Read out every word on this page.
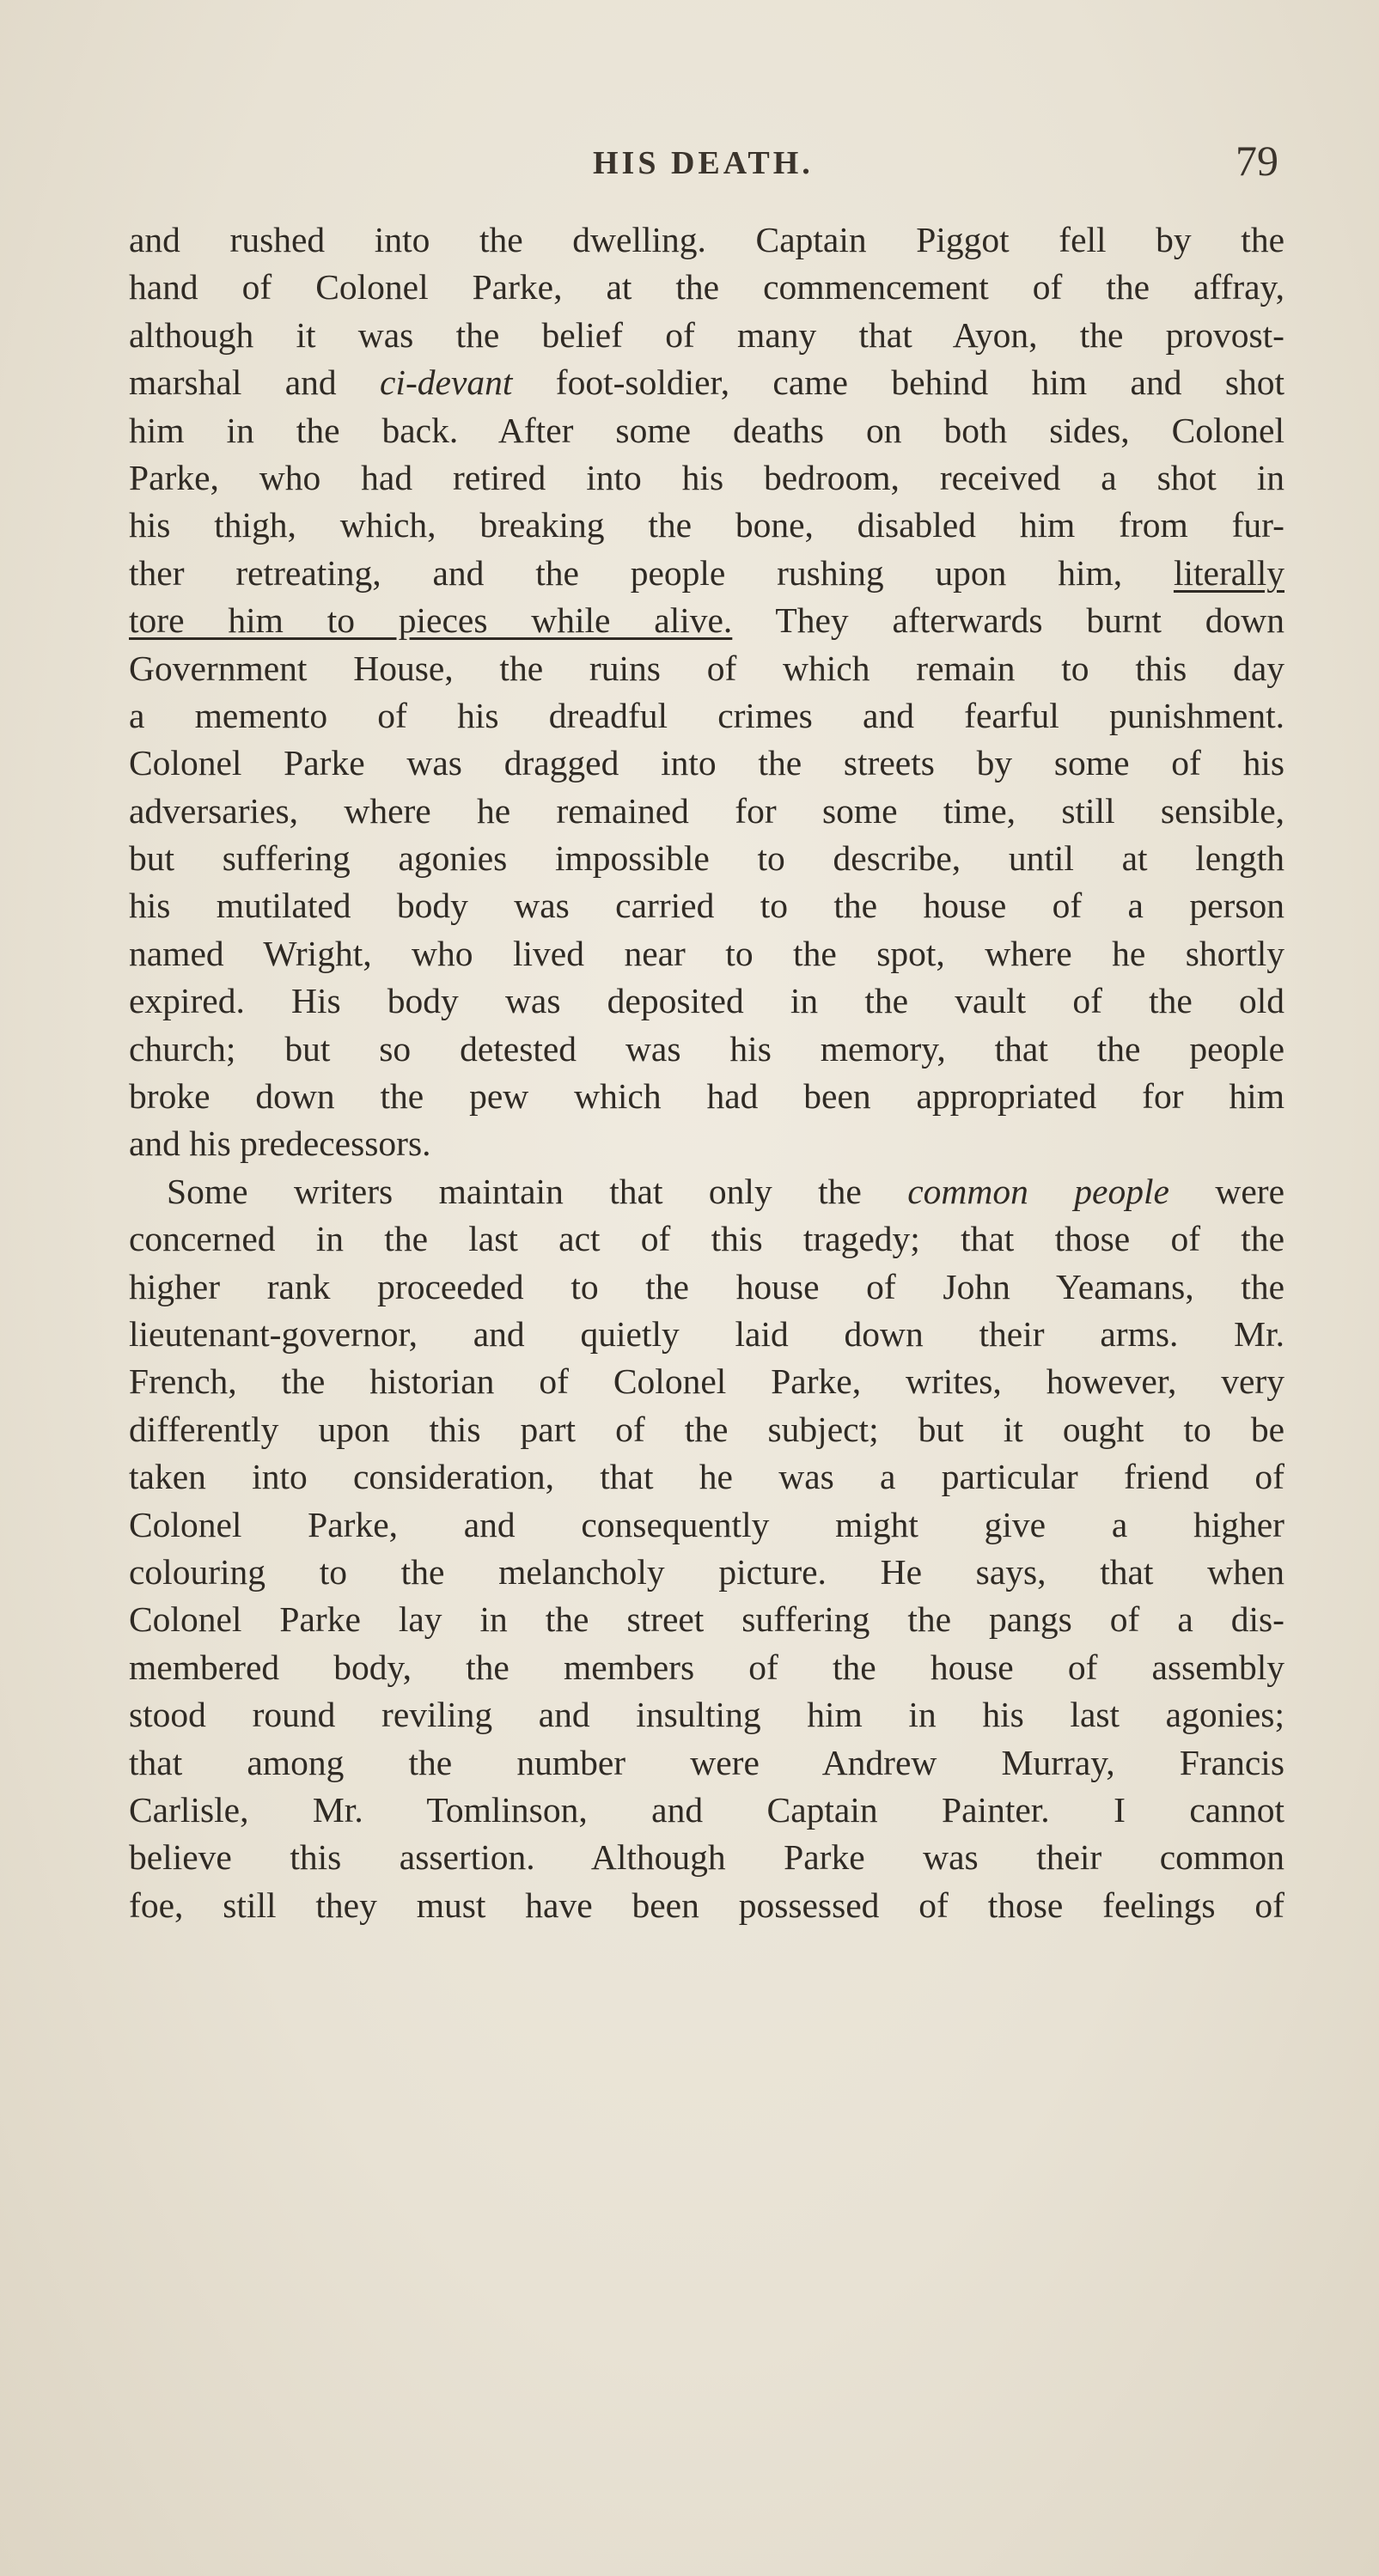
HIS DEATH.	79
and rushed into the dwelling. Captain Piggot fell by the
hand of Colonel Parke, at the commencement of the affray,
although it was the belief of many that Ayon, the provost-
marshal and ci-devant foot-soldier, came behind him and shot
him in the back. After some deaths on both sides, Colonel
Parke, who had retired into his bedroom, received a shot in
his thigh, which, breaking the bone, disabled him from fur-
ther retreating, and the people rushing upon him, literally
tore him to pieces while alive. They afterwards burnt down
Government House, the ruins of which remain to this day
a memento of his dreadful crimes and fearful punishment.
Colonel Parke was dragged into the streets by some of his
adversaries, where he remained for some time, still sensible,
but suffering agonies impossible to describe, until at length
his mutilated body was carried to the house of a person
named Wright, who lived near to the spot, where he shortly
expired. His body was deposited in the vault of the old
church; but so detested was his memory, that the people
broke down the pew which had been appropriated for him
and his predecessors.
Some writers maintain that only the common people were
concerned in the last act of this tragedy; that those of the
higher rank proceeded to the house of John Yeamans, the
lieutenant-governor, and quietly laid down their arms. Mr.
French, the historian of Colonel Parke, writes, however, very
differently upon this part of the subject; but it ought to be
taken into consideration, that he was a particular friend of
Colonel Parke, and consequently might give a higher
colouring to the melancholy picture. He says, that when
Colonel Parke lay in the street suffering the pangs of a dis-
membered body, the members of the house of assembly
stood round reviling and insulting him in his last agonies;
that among the number were Andrew Murray, Francis
Carlisle, Mr. Tomlinson, and Captain Painter. I cannot
believe this assertion. Although Parke was their common
foe, still they must have been possessed of those feelings of
